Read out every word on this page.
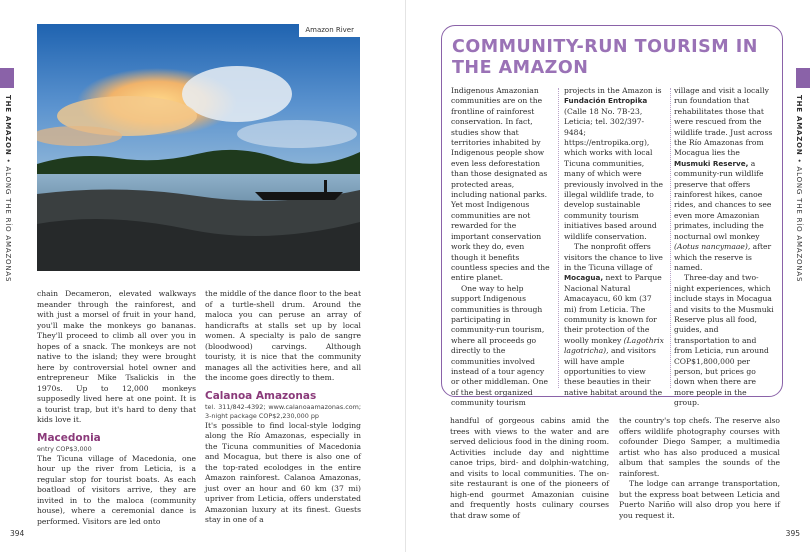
THE AMAZON • ALONG THE RÍO AMAZONAS
Amazon River

chain Decameron, elevated walkways meander through the rainforest, and with just a morsel of fruit in your hand, you'll make the monkeys go bananas. They'll proceed to climb all over you in hopes of a snack. The monkeys are not native to the island; they were brought here by controversial hotel owner and entrepreneur Mike Tsalickis in the 1970s. Up to 12,000 monkeys supposedly lived here at one point. It is a tourist trap, but it's hard to deny that kids love it.

Macedonia
entry COP$3,000

The Ticuna village of Macedonia, one hour up the river from Leticia, is a regular stop for tourist boats. As each boatload of visitors arrive, they are invited in to the maloca (community house), where a ceremonial dance is performed. Visitors are led onto

the middle of the dance floor to the beat of a turtle-shell drum. Around the maloca you can peruse an array of handicrafts at stalls set up by local women. A specialty is palo de sangre (bloodwood) carvings. Although touristy, it is nice that the community manages all the activities here, and all the income goes directly to them.

Calanoa Amazonas
tel. 311/842-4392; www.calanoaamazonas.com; 3-night package COP$2,230,000 pp

It's possible to find local-style lodging along the Río Amazonas, especially in the Ticuna communities of Macedonia and Mocagua, but there is also one of the top-rated ecolodges in the entire Amazon rainforest. Calanoa Amazonas, just over an hour and 60 km (37 mi) upriver from Leticia, offers understated Amazonian luxury at its finest. Guests stay in one of a

394
THE AMAZON • ALONG THE RÍO AMAZONAS
COMMUNITY-RUN TOURISM IN THE AMAZON

Indigenous Amazonian communities are on the frontline of rainforest conservation. In fact, studies show that territories inhabited by Indigenous people show even less deforestation than those designated as protected areas, including national parks. Yet most Indigenous communities are not rewarded for the important conservation work they do, even though it benefits countless species and the entire planet.

One way to help support Indigenous communities is through participating in community-run tourism, where all proceeds go directly to the communities involved instead of a tour agency or other middleman. One of the best organized community tourism

projects in the Amazon is Fundación Entropika (Calle 18 No. 7B-23, Leticia; tel. 302/397-9484; https://entropika.org), which works with local Ticuna communities, many of which were previously involved in the illegal wildlife trade, to develop sustainable community tourism initiatives based around wildlife conservation.

The nonprofit offers visitors the chance to live in the Ticuna village of Mocagua, next to Parque Nacional Natural Amacayacu, 60 km (37 mi) from Leticia. The community is known for their protection of the woolly monkey (Lagothrix lagotricha), and visitors will have ample opportunities to view these beauties in their native habitat around the

village and visit a locally run foundation that rehabilitates those that were rescued from the wildlife trade. Just across the Río Amazonas from Mocagua lies the Musmuki Reserve, a community-run wildlife preserve that offers rainforest hikes, canoe rides, and chances to see even more Amazonian primates, including the nocturnal owl monkey (Aotus nancymaae), after which the reserve is named.

Three-day and two-night experiences, which include stays in Mocagua and visits to the Musmuki Reserve plus all food, guides, and transportation to and from Leticia, run around COP$1,800,000 per person, but prices go down when there are more people in the group.

handful of gorgeous cabins amid the trees with views to the water and are served delicious food in the dining room. Activities include day and nighttime canoe trips, bird- and dolphin-watching, and visits to local communities. The on-site restaurant is one of the pioneers of high-end gourmet Amazonian cuisine and frequently hosts culinary courses that draw some of

the country's top chefs. The reserve also offers wildlife photography courses with cofounder Diego Samper, a multimedia artist who has also produced a musical album that samples the sounds of the rainforest.

The lodge can arrange transportation, but the express boat between Leticia and Puerto Nariño will also drop you here if you request it.

395
